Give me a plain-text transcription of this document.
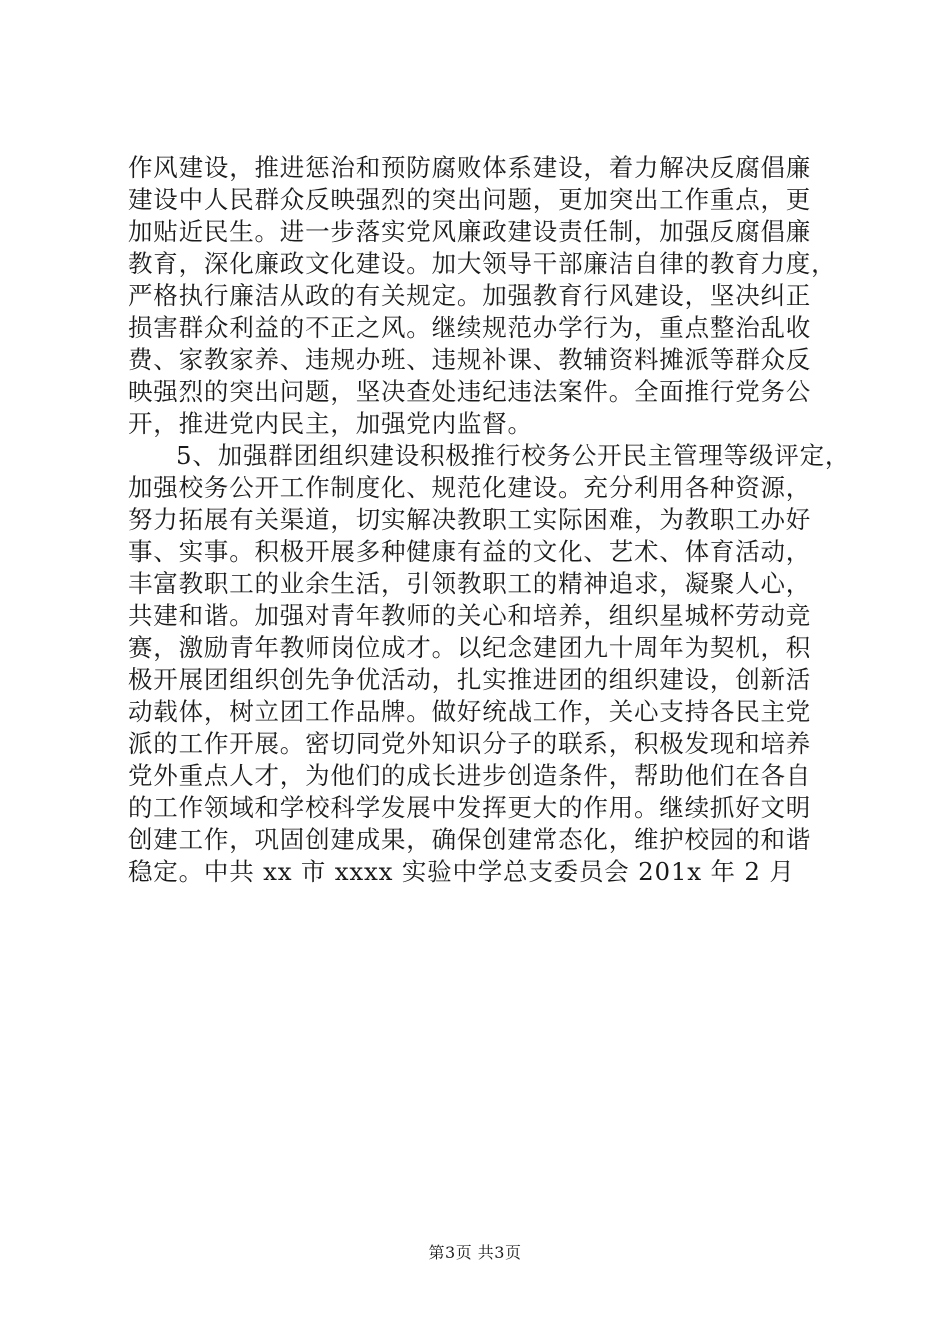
作风建设，推进惩治和预防腐败体系建设，着力解决反腐倡廉
建设中人民群众反映强烈的突出问题，更加突出工作重点，更
加贴近民生。进一步落实党风廉政建设责任制，加强反腐倡廉
教育，深化廉政文化建设。加大领导干部廉洁自律的教育力度，
严格执行廉洁从政的有关规定。加强教育行风建设，坚决纠正
损害群众利益的不正之风。继续规范办学行为，重点整治乱收
费、家教家养、违规办班、违规补课、教辅资料摊派等群众反
映强烈的突出问题，坚决查处违纪违法案件。全面推行党务公
开，推进党内民主，加强党内监督。
5、加强群团组织建设积极推行校务公开民主管理等级评定，
加强校务公开工作制度化、规范化建设。充分利用各种资源，
努力拓展有关渠道，切实解决教职工实际困难，为教职工办好
事、实事。积极开展多种健康有益的文化、艺术、体育活动，
丰富教职工的业余生活，引领教职工的精神追求，凝聚人心，
共建和谐。加强对青年教师的关心和培养，组织星城杯劳动竞
赛，激励青年教师岗位成才。以纪念建团九十周年为契机，积
极开展团组织创先争优活动，扎实推进团的组织建设，创新活
动载体，树立团工作品牌。做好统战工作，关心支持各民主党
派的工作开展。密切同党外知识分子的联系，积极发现和培养
党外重点人才，为他们的成长进步创造条件，帮助他们在各自
的工作领域和学校科学发展中发挥更大的作用。继续抓好文明
创建工作，巩固创建成果，确保创建常态化，维护校园的和谐
稳定。中共 xx 市 xxxx 实验中学总支委员会 201x 年 2 月
第3页 共3页
